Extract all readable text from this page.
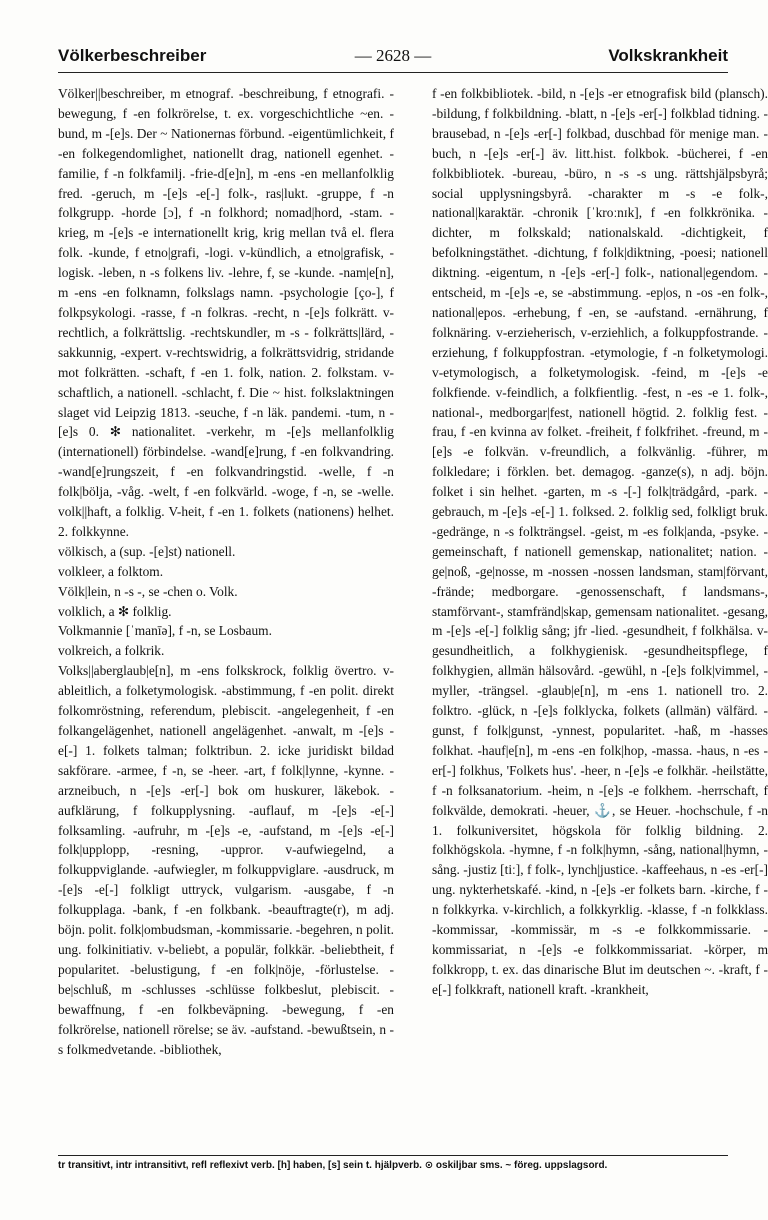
Völkerbeschreiber	— 2628 —	Volkskrankheit

Völker||beschreiber, m etnograf. -beschreibung, f etnografi. -bewegung, f -en folkrörelse, t. ex. vorgeschichtliche ~en. -bund, m -[e]s. Der ~ Nationernas förbund. -eigentümlichkeit, f -en folkegendomlighet, nationellt drag, nationell egenhet. -familie, f -n folkfamilj. -frie-d[e]n], m -ens -en mellanfolklig fred. -geruch, m -[e]s -e[-] folk-, ras|lukt. -gruppe, f -n folkgrupp. -horde [ɔ], f -n folkhord; nomad|hord, -stam. -krieg, m -[e]s -e internationellt krig, krig mellan två el. flera folk. -kunde, f etno|grafi, -logi. v-kündlich, a etno|grafisk, -logisk. -leben, n -s folkens liv. -lehre, f, se -kunde. -nam|e[n], m -ens -en folknamn, folkslags namn. -psychologie [ço-], f folkpsykologi. -rasse, f -n folkras. -recht, n -[e]s folkrätt. v-rechtlich, a folkrättslig. -rechtskundler, m -s - folkrätts|lärd, -sakkunnig, -expert. v-rechtswidrig, a folkrättsvidrig, stridande mot folkrätten. -schaft, f -en 1. folk, nation. 2. folkstam. v-schaftlich, a nationell. -schlacht, f. Die ~ hist. folkslaktningen slaget vid Leipzig 1813. -seuche, f -n läk. pandemi. -tum, n -[e]s 0. ✻ nationalitet. -verkehr, m -[e]s mellanfolklig (internationell) förbindelse. -wand[e]rung, f -en folkvandring. -wand[e]rungszeit, f -en folkvandringstid. -welle, f -n folk|bölja, -våg. -welt, f -en folkvärld. -woge, f -n, se -welle. volk||haft, a folklig. V-heit, f -en 1. folkets (nationens) helhet. 2. folkkynne.

völkisch, a (sup. -[e]st) nationell.

volkleer, a folktom.

Völk|lein, n -s -, se -chen o. Volk.

volklich, a ✻ folklig.

Volkmannie [ˈmanīə], f -n, se Losbaum.

volkreich, a folkrik.

Volks||aberglaub|e[n], m -ens folkskrock, folklig övertro. v-ableitlich, a folketymologisk. -abstimmung, f -en polit. direkt folkomröstning, referendum, plebiscit. -angelegenheit, f -en folkangelägenhet, nationell angelägenhet. -anwalt, m -[e]s -e[-] 1. folkets talman; folktribun. 2. icke juridiskt bildad sakförare. -armee, f -n, se -heer. -art, f folk|lynne, -kynne. -arzneibuch, n -[e]s -er[-] bok om huskurer, läkebok. -aufklärung, f folkupplysning. -auflauf, m -[e]s -e[-] folksamling. -aufruhr, m -[e]s -e, -aufstand, m -[e]s -e[-] folk|upplopp, -resning, -uppror. v-aufwiegelnd, a folkuppviglande. -aufwiegler, m folkuppviglare. -ausdruck, m -[e]s -e[-] folkligt uttryck, vulgarism. -ausgabe, f -n folkupplaga. -bank, f -en folkbank. -beauftragte(r), m adj. böjn. polit. folk|ombudsman, -kommissarie. -begehren, n polit. ung. folkinitiativ. v-beliebt, a populär, folkkär. -beliebtheit, f popularitet. -belustigung, f -en folk|nöje, -förlustelse. -be|schluß, m -schlusses -schlüsse folkbeslut, plebiscit. -bewaffnung, f -en folkbeväpning. -bewegung, f -en folkrörelse, nationell rörelse; se äv. -aufstand. -bewußtsein, n -s folkmedvetande. -bibliothek,

f -en folkbibliotek. -bild, n -[e]s -er etnografisk bild (plansch). -bildung, f folkbildning. -blatt, n -[e]s -er[-] folkblad tidning. -brausebad, n -[e]s -er[-] folkbad, duschbad för menige man. -buch, n -[e]s -er[-] äv. litt.hist. folkbok. -bücherei, f -en folkbibliotek. -bureau, -büro, n -s -s ung. rättshjälpsbyrå; social upplysningsbyrå. -charakter m -s -e folk-, national|karaktär. -chronik [ˈkroːnɪk], f -en folkkrönika. -dichter, m folkskald; nationalskald. -dichtigkeit, f befolkningstäthet. -dichtung, f folk|diktning, -poesi; nationell diktning. -eigentum, n -[e]s -er[-] folk-, national|egendom. -entscheid, m -[e]s -e, se -abstimmung. -ep|os, n -os -en folk-, national|epos. -erhebung, f -en, se -aufstand. -ernährung, f folknäring. v-erzieherisch, v-erziehlich, a folkuppfostrande. -erziehung, f folkuppfostran. -etymologie, f -n folketymologi. v-etymologisch, a folketymologisk. -feind, m -[e]s -e folkfiende. v-feindlich, a folkfientlig. -fest, n -es -e 1. folk-, national-, medborgar|fest, nationell högtid. 2. folklig fest. -frau, f -en kvinna av folket. -freiheit, f folkfrihet. -freund, m -[e]s -e folkvän. v-freundlich, a folkvänlig. -führer, m folkledare; i förklen. bet. demagog. -ganze(s), n adj. böjn. folket i sin helhet. -garten, m -s -[-] folk|trädgård, -park. -gebrauch, m -[e]s -e[-] 1. folksed. 2. folklig sed, folkligt bruk. -gedränge, n -s folkträngsel. -geist, m -es folk|anda, -psyke. -gemeinschaft, f nationell gemenskap, nationalitet; nation. -ge|noß, -ge|nosse, m -nossen -nossen landsman, stam|förvant, -frände; medborgare. -genossenschaft, f landsmans-, stamförvant-, stamfränd|skap, gemensam nationalitet. -gesang, m -[e]s -e[-] folklig sång; jfr -lied. -gesundheit, f folkhälsa. v-gesundheitlich, a folkhygienisk. -gesundheitspflege, f folkhygien, allmän hälsovård. -gewühl, n -[e]s folk|vimmel, -myller, -trängsel. -glaub|e[n], m -ens 1. nationell tro. 2. folktro. -glück, n -[e]s folklycka, folkets (allmän) välfärd. -gunst, f folk|gunst, -ynnest, popularitet. -haß, m -hasses folkhat. -hauf|e[n], m -ens -en folk|hop, -massa. -haus, n -es -er[-] folkhus, 'Folkets hus'. -heer, n -[e]s -e folkhär. -heilstätte, f -n folksanatorium. -heim, n -[e]s -e folkhem. -herrschaft, f folkvälde, demokrati. -heuer, ⚓, se Heuer. -hochschule, f -n 1. folkuniversitet, högskola för folklig bildning. 2. folkhögskola. -hymne, f -n folk|hymn, -sång, national|hymn, -sång. -justiz [tiː], f folk-, lynch|justice. -kaffeehaus, n -es -er[-] ung. nykterhetskafé. -kind, n -[e]s -er folkets barn. -kirche, f -n folkkyrka. v-kirchlich, a folkkyrklig. -klasse, f -n folkklass. -kommissar, -kommissär, m -s -e folkkommissarie. -kommissariat, n -[e]s -e folkkommissariat. -körper, m folkkropp, t. ex. das dinarische Blut im deutschen ~. -kraft, f -e[-] folkkraft, nationell kraft. -krankheit,

tr transitivt, intr intransitivt, refl reflexivt verb. [h] haben, [s] sein t. hjälpverb. ⊙ oskiljbar sms. ~ föreg. uppslagsord.
